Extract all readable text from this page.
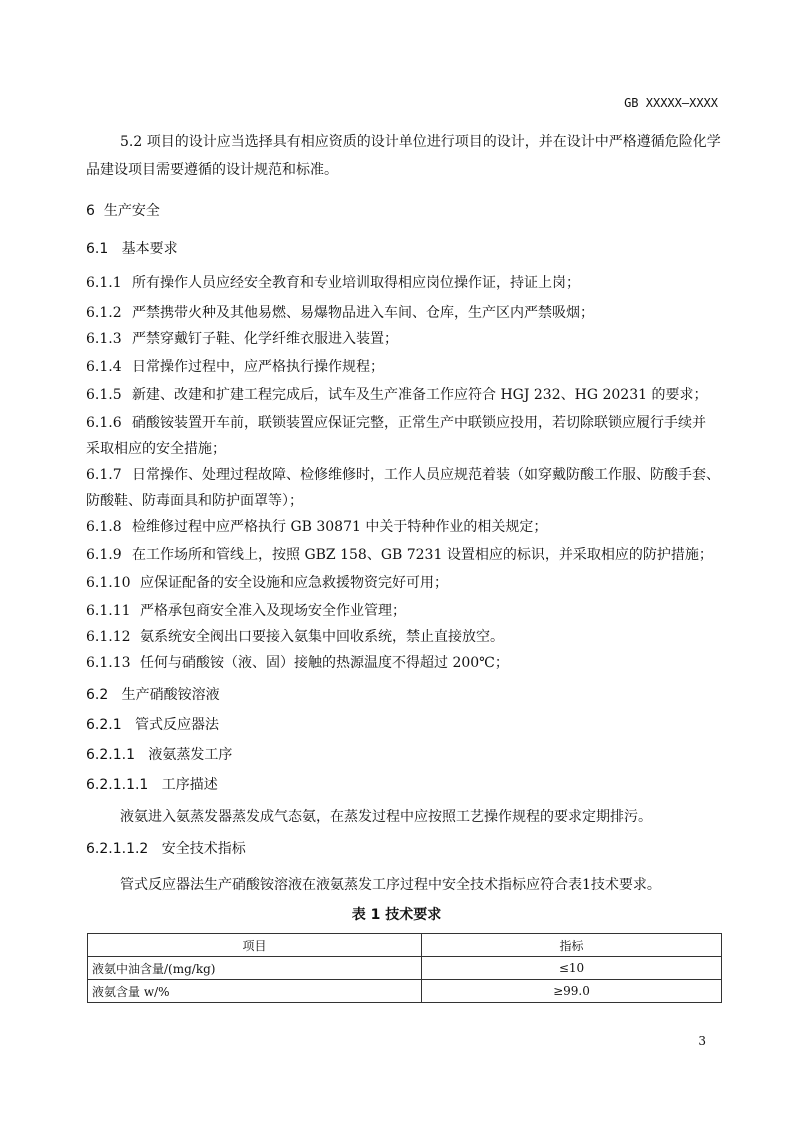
GB XXXXX—XXXX
5.2 项目的设计应当选择具有相应资质的设计单位进行项目的设计，并在设计中严格遵循危险化学品建设项目需要遵循的设计规范和标准。
6 生产安全
6.1 基本要求
6.1.1 所有操作人员应经安全教育和专业培训取得相应岗位操作证，持证上岗；
6.1.2 严禁携带火种及其他易燃、易爆物品进入车间、仓库，生产区内严禁吸烟；
6.1.3 严禁穿戴钉子鞋、化学纤维衣服进入装置；
6.1.4 日常操作过程中，应严格执行操作规程；
6.1.5 新建、改建和扩建工程完成后，试车及生产准备工作应符合 HGJ 232、HG 20231 的要求；
6.1.6 硝酸铵装置开车前，联锁装置应保证完整，正常生产中联锁应投用，若切除联锁应履行手续并
采取相应的安全措施；
6.1.7 日常操作、处理过程故障、检修维修时，工作人员应规范着装（如穿戴防酸工作服、防酸手套、
防酸鞋、防毒面具和防护面罩等）；
6.1.8 检维修过程中应严格执行 GB 30871 中关于特种作业的相关规定；
6.1.9 在工作场所和管线上，按照 GBZ 158、GB 7231 设置相应的标识，并采取相应的防护措施；
6.1.10 应保证配备的安全设施和应急救援物资完好可用；
6.1.11 严格承包商安全准入及现场安全作业管理；
6.1.12 氨系统安全阀出口要接入氨集中回收系统，禁止直接放空。
6.1.13 任何与硝酸铵（液、固）接触的热源温度不得超过 200℃；
6.2 生产硝酸铵溶液
6.2.1 管式反应器法
6.2.1.1 液氨蒸发工序
6.2.1.1.1 工序描述
液氨进入氨蒸发器蒸发成气态氨，在蒸发过程中应按照工艺操作规程的要求定期排污。
6.2.1.1.2 安全技术指标
管式反应器法生产硝酸铵溶液在液氨蒸发工序过程中安全技术指标应符合表1技术要求。
表 1 技术要求
项目	指标
液氨中油含量/(mg/kg)	≤10
液氨含量 w/%	≥99.0
3
